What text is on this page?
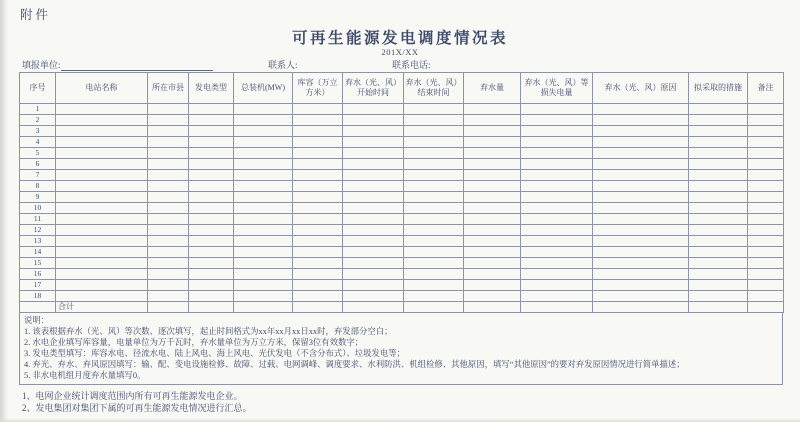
附件
可再生能源发电调度情况表
201X/XX
填报单位:	联系人:	联系电话:
序号	电站名称	所在市县	发电类型	总装机(MW)	库容（万立方米）	弃水（光、风）开始时间	弃水（光、风）结束时间	弃水量	弃水（光、风）等损失电量	弃水（光、风）原因	拟采取的措施	备注
1												
2												
3												
4												
5												
6												
7												
8												
9												
10												
11												
12												
13												
14												
15												
16												
17												
18												
	合计											
说明：
1. 该表根据弃水（光、风）等次数、逐次填写，起止时间格式为xx年xx月xx日xx时，弃发部分空白；
2. 水电企业填写库容量，电量单位为万千瓦时，弃水量单位为万立方米，保留3位有效数字；
3. 发电类型填写：库容水电、径流水电、陆上风电、海上风电、光伏发电（不含分布式）、垃圾发电等；
4. 弃光、弃水、弃风原因填写：输、配、变电设施检修、故障、过载、电网调峰、调度要求、水利防洪、机组检修、其他原因，填写“其他原因”的要对弃发原因情况进行简单描述；
5. 非水电机组月度弃水量填写0。
1、电网企业统计调度范围内所有可再生能源发电企业。
2、发电集团对集团下属的可再生能源发电情况进行汇总。
